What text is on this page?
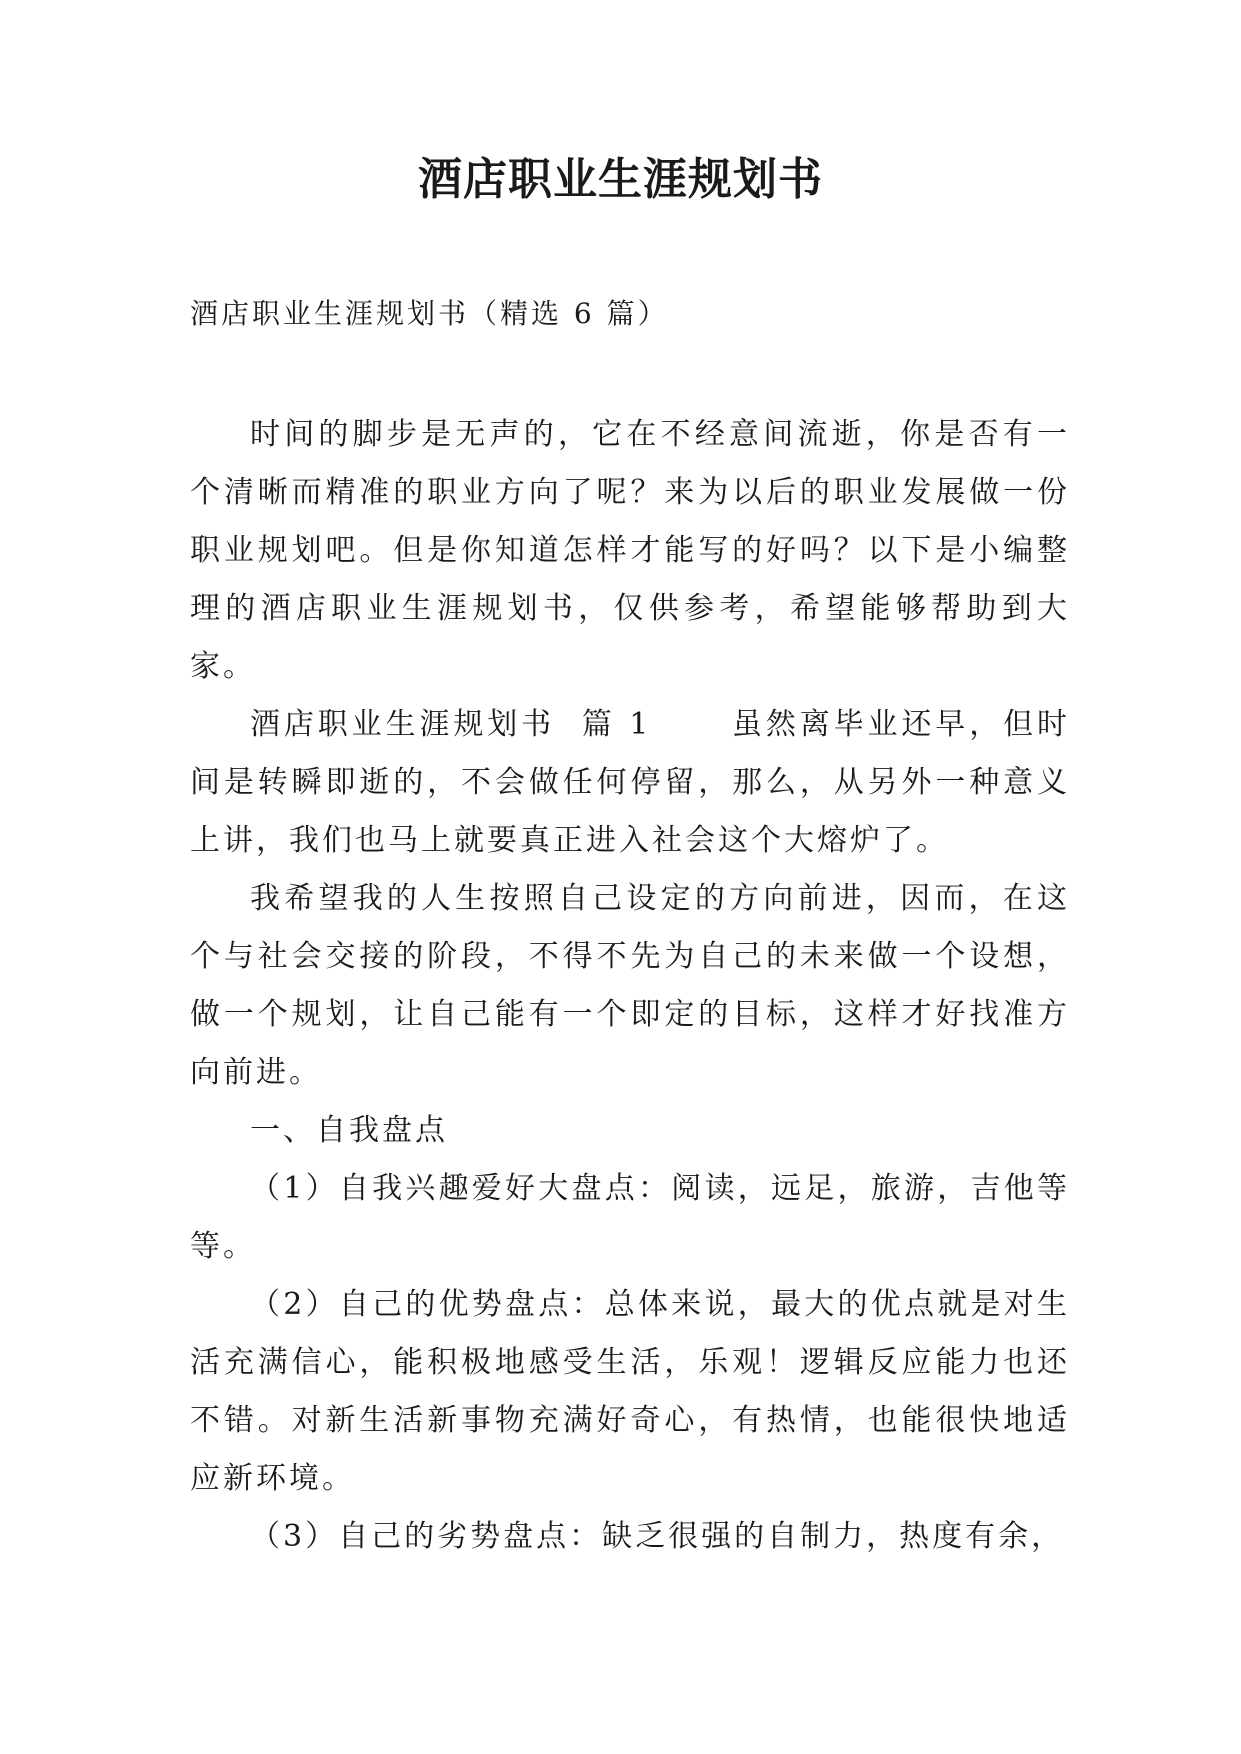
酒店职业生涯规划书
酒店职业生涯规划书（精选 6 篇）

时间的脚步是无声的，它在不经意间流逝，你是否有一个清晰而精准的职业方向了呢？来为以后的职业发展做一份职业规划吧。但是你知道怎样才能写的好吗？以下是小编整理的酒店职业生涯规划书，仅供参考，希望能够帮助到大家。

酒店职业生涯规划书  篇 1      虽然离毕业还早，但时间是转瞬即逝的，不会做任何停留，那么，从另外一种意义上讲，我们也马上就要真正进入社会这个大熔炉了。

我希望我的人生按照自己设定的方向前进，因而，在这个与社会交接的阶段，不得不先为自己的未来做一个设想，做一个规划，让自己能有一个即定的目标，这样才好找准方向前进。

一、自我盘点

（1）自我兴趣爱好大盘点：阅读，远足，旅游，吉他等等。

（2）自己的优势盘点：总体来说，最大的优点就是对生活充满信心，能积极地感受生活，乐观！逻辑反应能力也还不错。对新生活新事物充满好奇心，有热情，也能很快地适应新环境。

（3）自己的劣势盘点：缺乏很强的自制力，热度有余，
